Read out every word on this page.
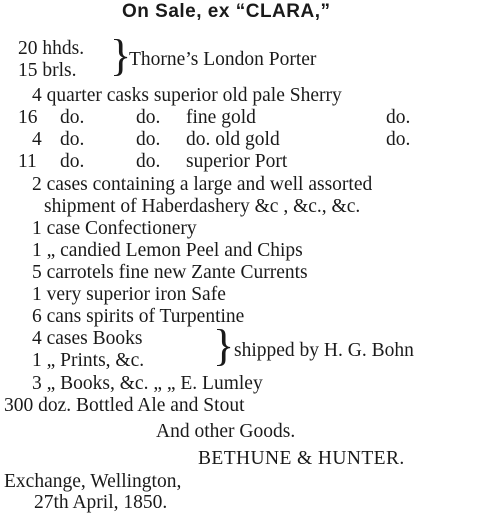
On Sale, ex “CLARA,”
20 hhds.
15 brls. }
Thorne’s London Porter
4 quarter casks superior old pale Sherry
16 do.	do. fine gold	do.
4 do.	do. do. old gold	do.
11 do.	do. superior Port
2 cases containing a large and well assorted
shipment of Haberdashery &c , &c., &c.
1 case Confectionery
1 „ candied Lemon Peel and Chips
5 carrotels fine new Zante Currents
1 very superior iron Safe
6 cans spirits of Turpentine
4 cases Books
1 „ Prints, &c. } shipped by H. G. Bohn
3 „ Books, &c. „ „ E. Lumley
300 doz. Bottled Ale and Stout
And other Goods.
BETHUNE & HUNTER.
Exchange, Wellington,
27th April, 1850.
